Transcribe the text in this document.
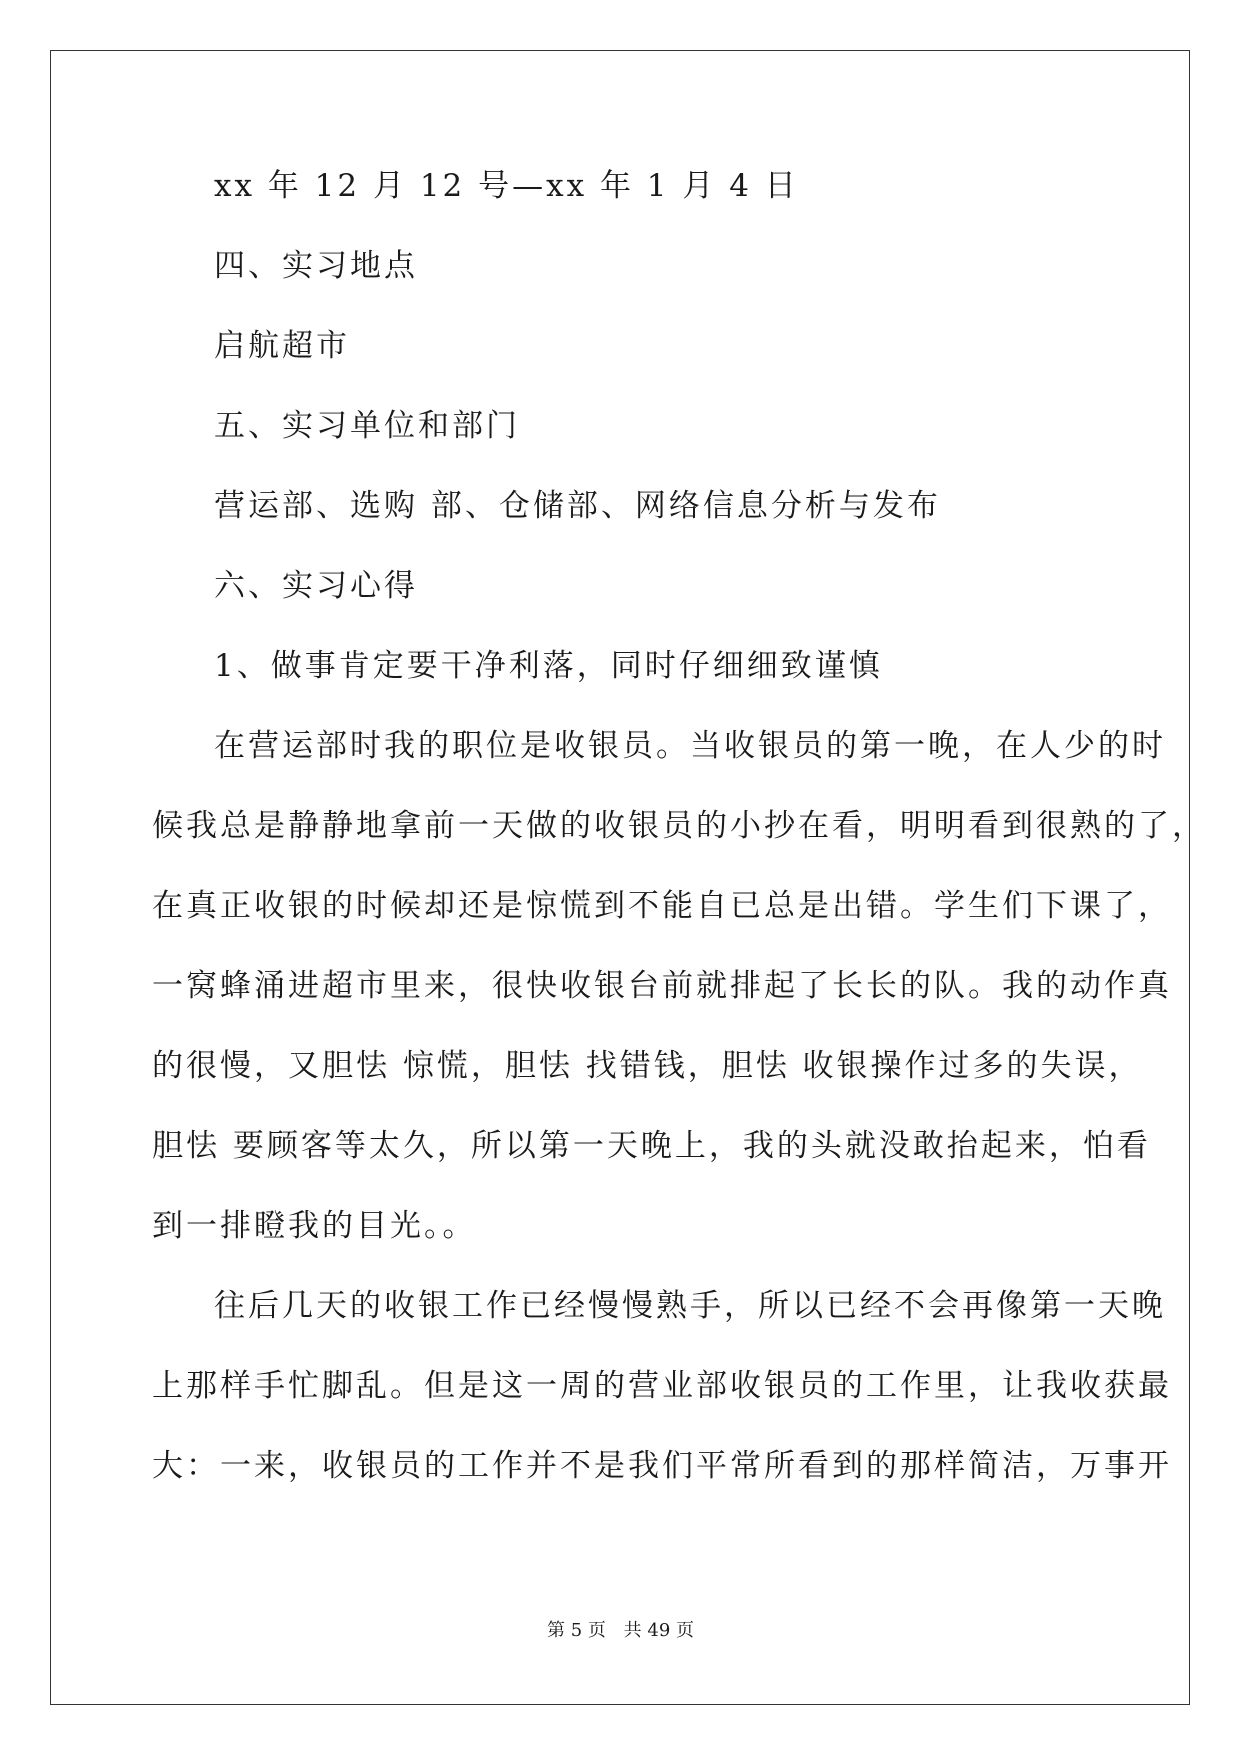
xx 年 12 月 12 号—xx 年 1 月 4 日

四、实习地点

启航超市

五、实习单位和部门

营运部、选购 部、仓储部、网络信息分析与发布

六、实习心得

1、做事肯定要干净利落，同时仔细细致谨慎

在营运部时我的职位是收银员。当收银员的第一晚，在人少的时

候我总是静静地拿前一天做的收银员的小抄在看，明明看到很熟的了，

在真正收银的时候却还是惊慌到不能自已总是出错。学生们下课了，

一窝蜂涌进超市里来，很快收银台前就排起了长长的队。我的动作真

的很慢，又胆怯 惊慌，胆怯 找错钱，胆怯 收银操作过多的失误，

胆怯 要顾客等太久，所以第一天晚上，我的头就没敢抬起来，怕看

到一排瞪我的目光。。

往后几天的收银工作已经慢慢熟手，所以已经不会再像第一天晚

上那样手忙脚乱。但是这一周的营业部收银员的工作里，让我收获最

大：一来，收银员的工作并不是我们平常所看到的那样简洁，万事开

第 5 页 共 49 页
